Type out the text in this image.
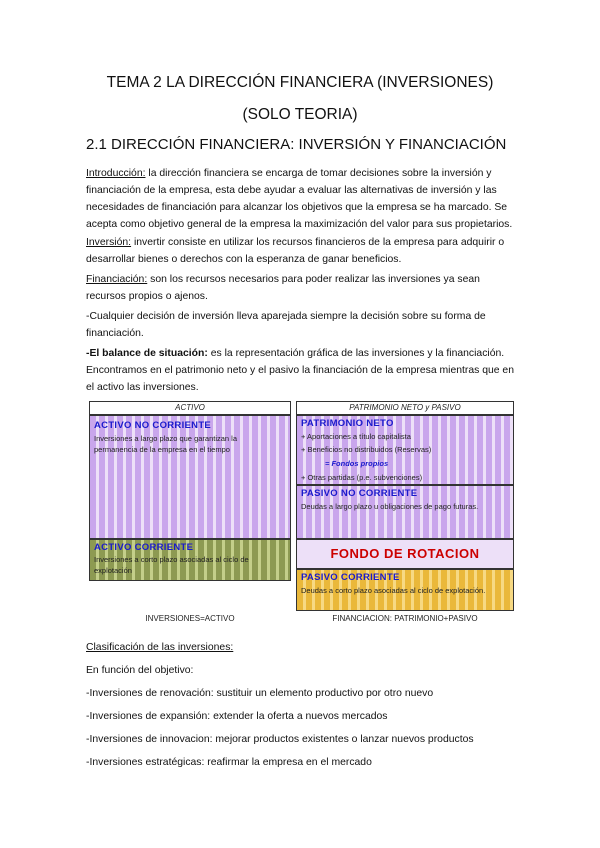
TEMA 2 LA DIRECCIÓN FINANCIERA (INVERSIONES)
(SOLO TEORIA)
2.1 DIRECCIÓN FINANCIERA: INVERSIÓN Y FINANCIACIÓN
Introducción: la dirección financiera se encarga de tomar decisiones sobre la inversión y financiación de la empresa, esta debe ayudar a evaluar las alternativas de inversión y las necesidades de financiación para alcanzar los objetivos que la empresa se ha marcado. Se acepta como objetivo general de la empresa la maximización del valor para sus propietarios.
Inversión: invertir consiste en utilizar los recursos financieros de la empresa para adquirir o desarrollar bienes o derechos con la esperanza de ganar beneficios.
Financiación: son los recursos necesarios para poder realizar las inversiones ya sean recursos propios o ajenos.
-Cualquier decisión de inversión lleva aparejada siempre la decisión sobre su forma de financiación.
-El balance de situación: es la representación gráfica de las inversiones y la financiación. Encontramos en el patrimonio neto y el pasivo la financiación de la empresa mientras que en el activo las inversiones.
ACTIVO
ACTIVO NO CORRIENTE
Inversiones a largo plazo que garantizan la permanencia de la empresa en el tiempo
ACTIVO CORRIENTE
Inversiones a corto plazo asociadas al ciclo de explotación
PATRIMONIO NETO y PASIVO
PATRIMONIO NETO
+ Aportaciones a título capitalista
+ Beneficios no distribuidos (Reservas)
= Fondos propios
+ Otras partidas (p.e. subvenciones)
PASIVO NO CORRIENTE
Deudas a largo plazo u obligaciones de pago futuras.
FONDO DE ROTACION
PASIVO CORRIENTE
Deudas a corto plazo asociadas al ciclo de explotación.
INVERSIONES=ACTIVO	FINANCIACION: PATRIMONIO+PASIVO
Clasificación de las inversiones:
En función del objetivo:
-Inversiones de renovación: sustituir un elemento productivo por otro nuevo
-Inversiones de expansión: extender la oferta a nuevos mercados
-Inversiones de innovacion: mejorar productos existentes o lanzar nuevos productos
-Inversiones estratégicas: reafirmar la empresa en el mercado
